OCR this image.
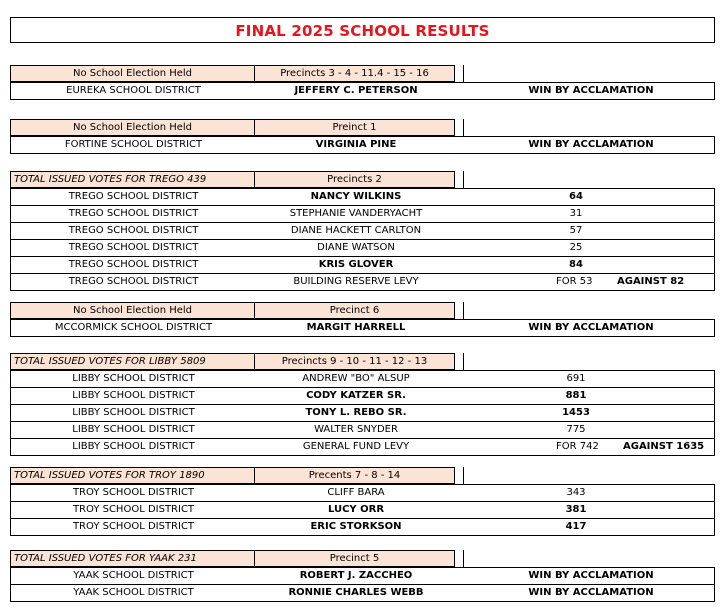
FINAL 2025 SCHOOL RESULTS
No School Election Held	Precincts 3 - 4 - 11.4 - 15 - 16
EUREKA SCHOOL DISTRICT	JEFFERY C. PETERSON	WIN BY ACCLAMATION
No School Election Held	Preinct 1
FORTINE SCHOOL DISTRICT	VIRGINIA PINE	WIN BY ACCLAMATION
TOTAL ISSUED VOTES FOR TREGO 439	Precincts 2
TREGO SCHOOL DISTRICT	NANCY WILKINS	64
TREGO SCHOOL DISTRICT	STEPHANIE VANDERYACHT	31
TREGO SCHOOL DISTRICT	DIANE HACKETT CARLTON	57
TREGO SCHOOL DISTRICT	DIANE WATSON	25
TREGO SCHOOL DISTRICT	KRIS GLOVER	84
TREGO SCHOOL DISTRICT	BUILDING RESERVE LEVY	FOR 53 AGAINST 82
No School Election Held	Precinct 6
MCCORMICK SCHOOL DISTRICT	MARGIT HARRELL	WIN BY ACCLAMATION
TOTAL ISSUED VOTES FOR LIBBY 5809	Precincts 9 - 10 - 11 - 12 - 13
LIBBY SCHOOL DISTRICT	ANDREW "BO" ALSUP	691
LIBBY SCHOOL DISTRICT	CODY KATZER SR.	881
LIBBY SCHOOL DISTRICT	TONY L. REBO SR.	1453
LIBBY SCHOOL DISTRICT	WALTER SNYDER	775
LIBBY SCHOOL DISTRICT	GENERAL FUND LEVY	FOR 742 AGAINST 1635
TOTAL ISSUED VOTES FOR TROY 1890	Precents 7 - 8 - 14
TROY SCHOOL DISTRICT	CLIFF BARA	343
TROY SCHOOL DISTRICT	LUCY ORR	381
TROY SCHOOL DISTRICT	ERIC STORKSON	417
TOTAL ISSUED VOTES FOR YAAK 231	Precinct 5
YAAK SCHOOL DISTRICT	ROBERT J. ZACCHEO	WIN BY ACCLAMATION
YAAK SCHOOL DISTRICT	RONNIE CHARLES WEBB	WIN BY ACCLAMATION
